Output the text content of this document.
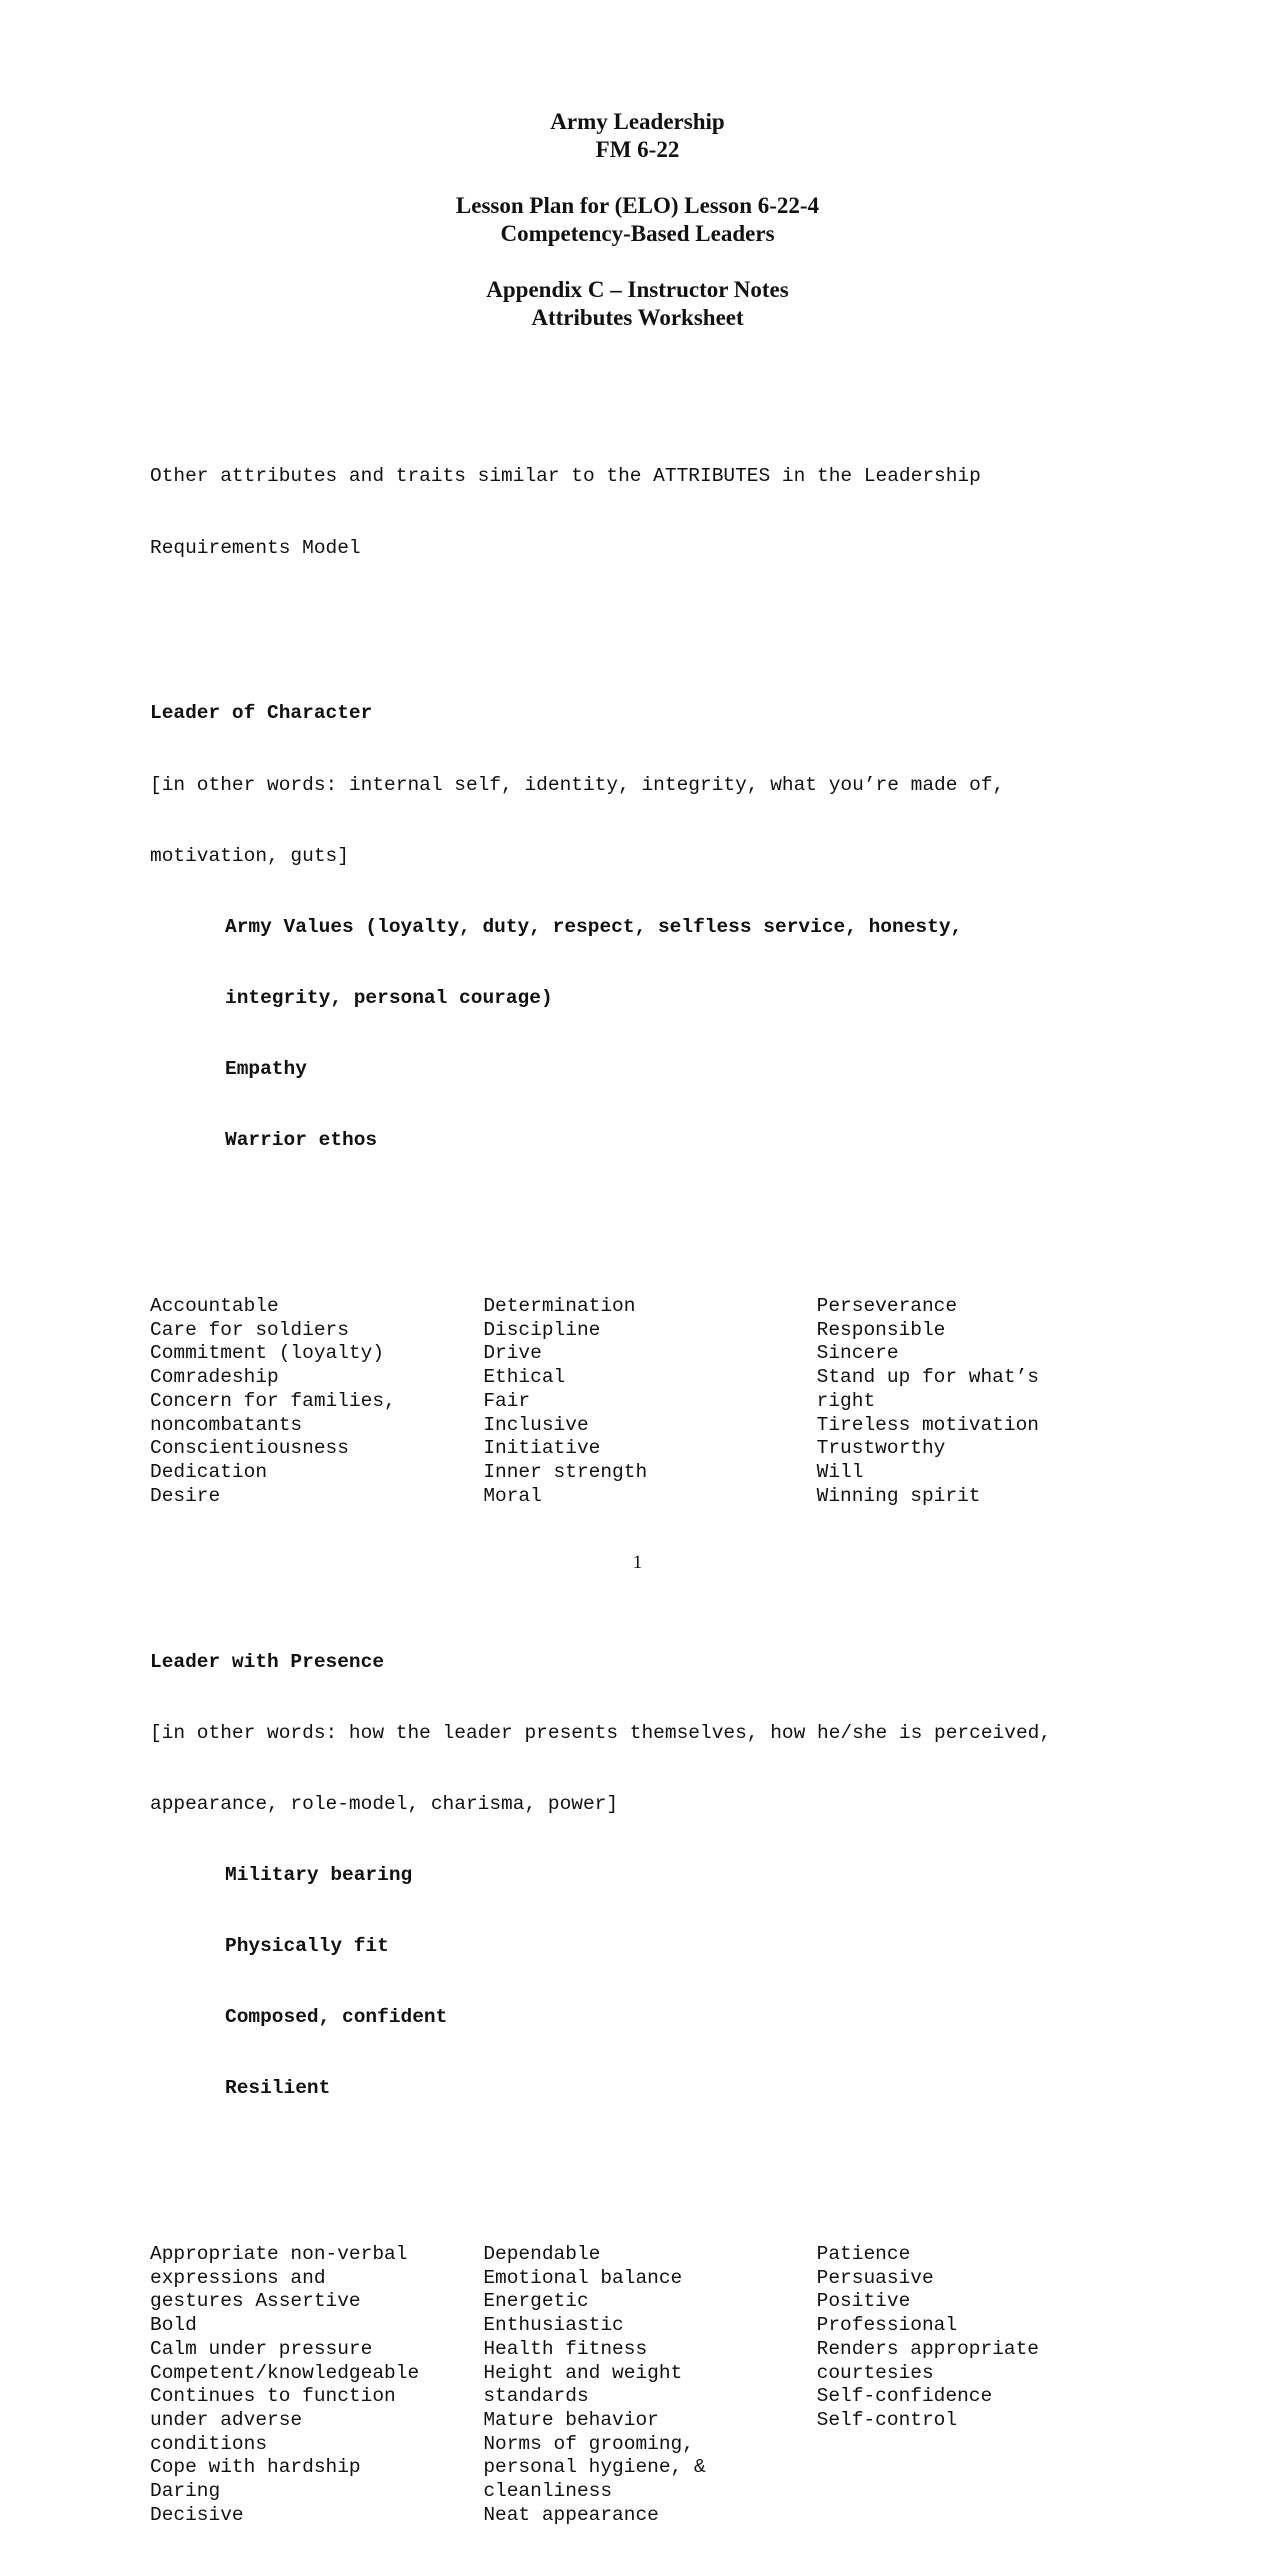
Army Leadership
FM 6-22
Lesson Plan for (ELO) Lesson 6-22-4
Competency-Based Leaders
Appendix C – Instructor Notes
Attributes Worksheet

Other attributes and traits similar to the ATTRIBUTES in the Leadership

Requirements Model

Leader of Character

[in other words: internal self, identity, integrity, what you’re made of,

motivation, guts]

Army Values (loyalty, duty, respect, selfless service, honesty,

integrity, personal courage)

Empathy

Warrior ethos

Accountable
Care for soldiers
Commitment (loyalty)
Comradeship
Concern for families,
noncombatants
Conscientiousness
Dedication
Desire
Determination
Discipline
Drive
Ethical
Fair
Inclusive
Initiative
Inner strength
Moral
Perseverance
Responsible
Sincere
Stand up for what’s
right
Tireless motivation
Trustworthy
Will
Winning spirit

Leader with Presence

[in other words: how the leader presents themselves, how he/she is perceived,

appearance, role-model, charisma, power]

Military bearing

Physically fit

Composed, confident

Resilient

Appropriate non-verbal
expressions and
gestures Assertive
Bold
Calm under pressure
Competent/knowledgeable
Continues to function
under adverse
conditions
Cope with hardship
Daring
Decisive
Dependable
Emotional balance
Energetic
Enthusiastic
Health fitness
Height and weight
standards
Mature behavior
Norms of grooming,
personal hygiene, &
cleanliness
Neat appearance
Patience
Persuasive
Positive
Professional
Renders appropriate
courtesies
Self-confidence
Self-control

1
